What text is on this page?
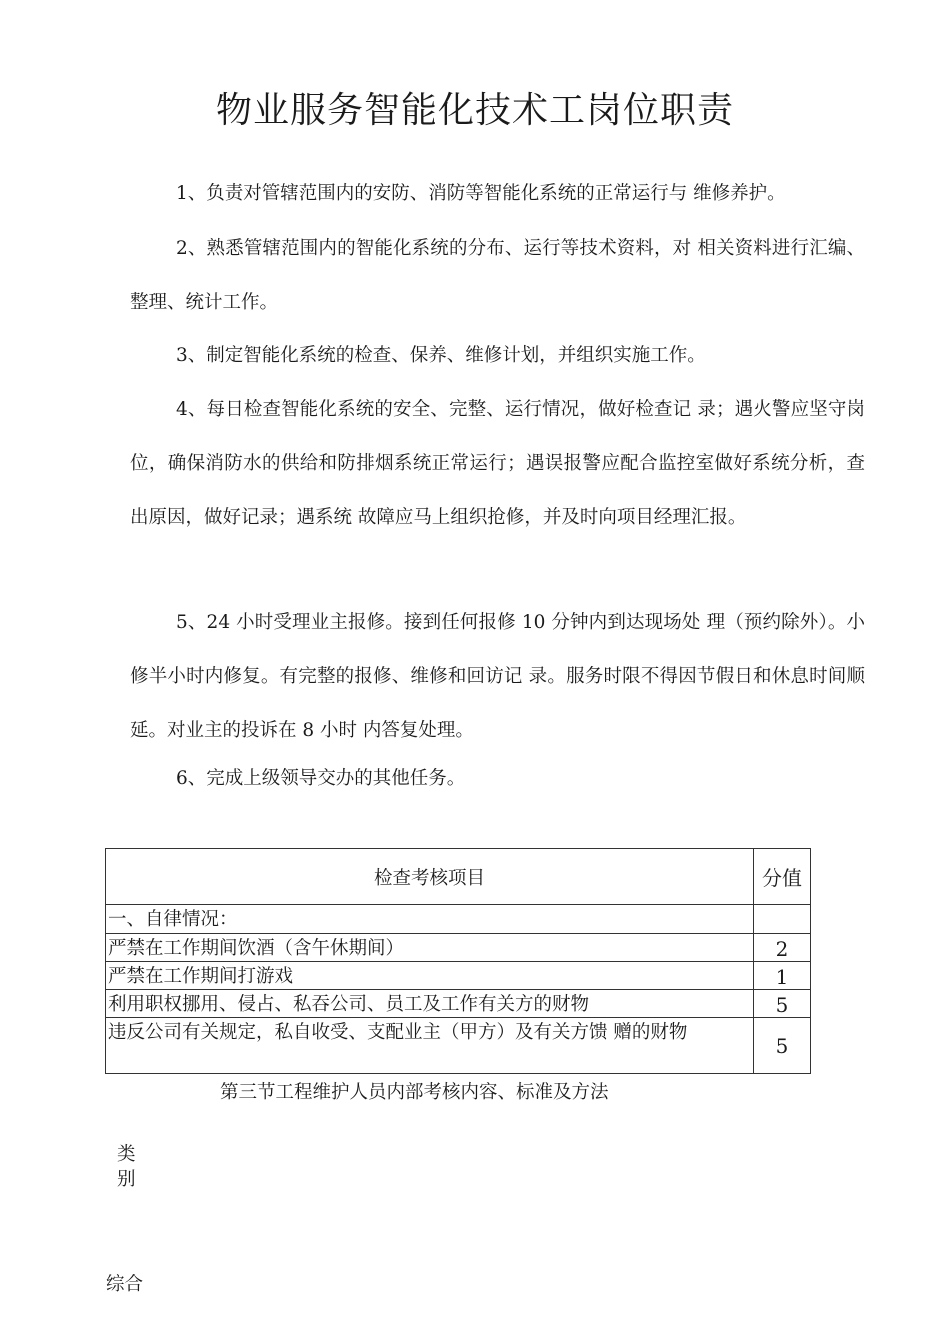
物业服务智能化技术工岗位职责
1、负责对管辖范围内的安防、消防等智能化系统的正常运行与 维修养护。
2、熟悉管辖范围内的智能化系统的分布、运行等技术资料，对 相关资料进行汇编、整理、统计工作。
3、制定智能化系统的检查、保养、维修计划，并组织实施工作。
4、每日检查智能化系统的安全、完整、运行情况，做好检查记 录；遇火警应坚守岗位，确保消防水的供给和防排烟系统正常运行；遇误报警应配合监控室做好系统分析，查出原因，做好记录；遇系统 故障应马上组织抢修，并及时向项目经理汇报。
5、24 小时受理业主报修。接到任何报修 10 分钟内到达现场处 理（预约除外）。小修半小时内修复。有完整的报修、维修和回访记 录。服务时限不得因节假日和休息时间顺延。对业主的投诉在 8 小时 内答复处理。
6、完成上级领导交办的其他任务。
检查考核项目	分值
一、自律情况：	
严禁在工作期间饮酒（含午休期间）	2
严禁在工作期间打游戏	1
利用职权挪用、侵占、私吞公司、员工及工作有关方的财物	5
违反公司有关规定，私自收受、支配业主（甲方）及有关方馈 赠的财物	5
第三节工程维护人员内部考核内容、标准及方法
类别
综合
